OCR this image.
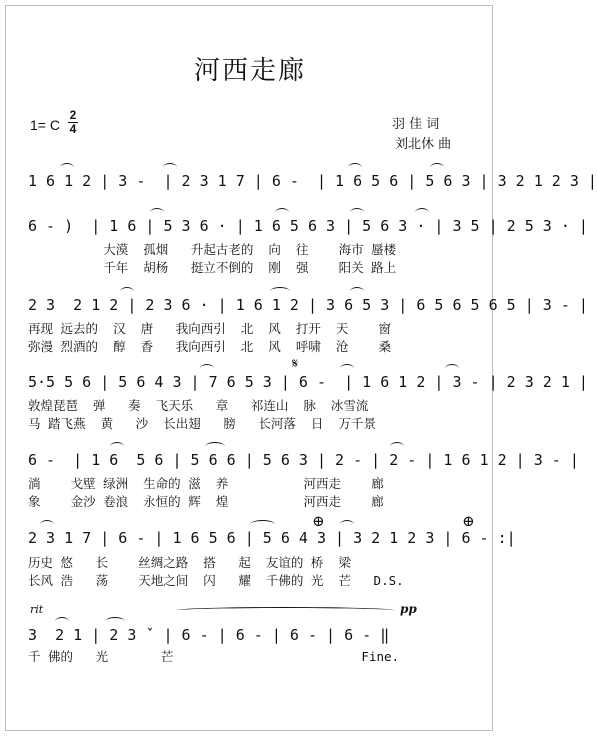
河西走廊
1= C
2
4	羽 佳 词
刘北休 曲
1 6 1 2 | 3 -  | 2 3 1 7 | 6 -  | 1 6 5 6 | 5 6 3 | 3 2 1 2 3 |
6 - )  | 1 6 | 5 3 6 · | 1 6 5 6 3 | 5 6 3 · | 3 5 | 2 5 3 · |
大漠  孤烟   升起古老的  向  往    海市 蜃楼
千年  胡杨   挺立不倒的  刚  强    阳关 路上
2 3  2 1 2 | 2 3 6 · | 1 6 1 2 | 3 6 5 3 | 6 5 6 5 6 5 | 3 - |
再现 远去的  汉  唐   我向西引  北  风  打开  天    窗
弥漫 烈酒的  醇  香   我向西引  北  风  呼啸  沧    桑
𝄋
5·5 5 6 | 5 6 4 3 | 7 6 5 3 | 6 -  | 1 6 1 2 | 3 - | 2 3 2 1 |
敦煌琵琶  弹   奏  飞天乐   章   祁连山  脉  冰雪流
马 踏飞燕  黄   沙  长出翅   膀   长河落  日  万千景
6 -  | 1 6  5 6 | 5 6 6 | 5 6 3 | 2 - | 2 - | 1 6 1 2 | 3 - |
淌    戈壁 绿洲  生命的 滋  养          河西走    廊
象    金沙 卷浪  永恒的 辉  煌          河西走    廊
⊕	⊕
2 3 1 7 | 6 - | 1 6 5 6 | 5 6 4 3 | 3 2 1 2 3 | 6 - :|
历史 悠   长    丝绸之路  搭   起  友谊的 桥  梁
长风 浩   荡    天地之间  闪   耀  千佛的 光  芒   D.S.
rit	pp
3  2 1 | 2 3 ˇ | 6 - | 6 - | 6 - | 6 - ‖
千 佛的   光       芒                         Fine.
